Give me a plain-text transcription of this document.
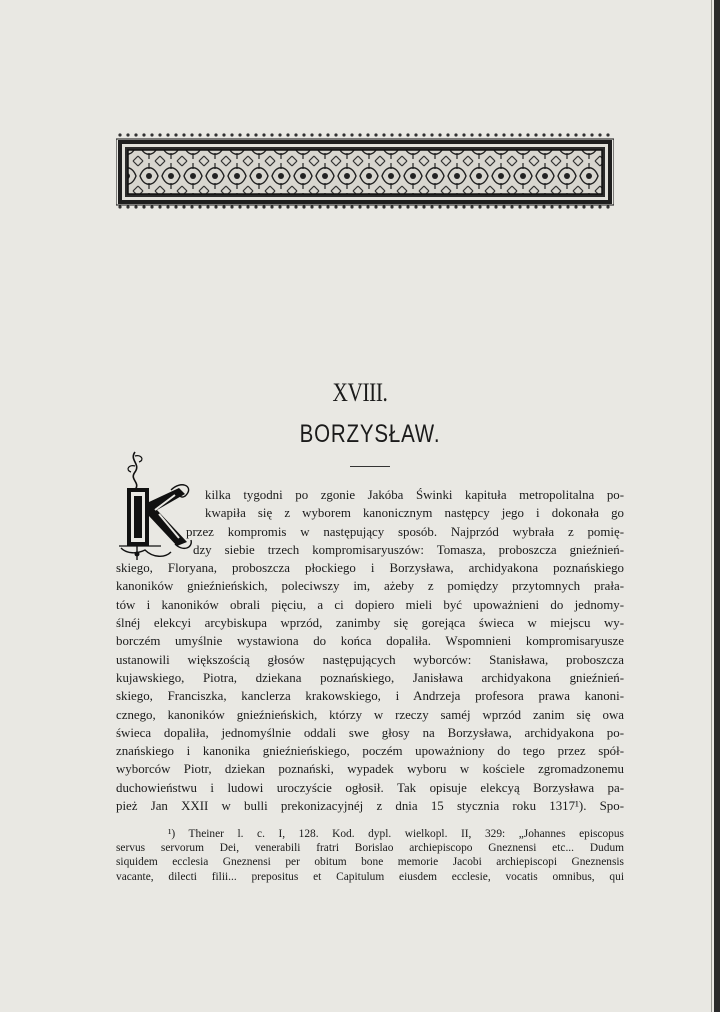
XVIII.
BORZYSŁAW.
kilka tygodni po zgonie Jakóba Świnki kapituła metropolitalna po-
kwapiła się z wyborem kanonicznym następcy jego i dokonała go
przez kompromis w następujący sposób. Najprzód wybrała z pomię-
dzy siebie trzech kompromisaryuszów: Tomasza, proboszcza gnieźnień-
skiego, Floryana, proboszcza płockiego i Borzysława, archidyakona poznańskiego
kanoników gnieźnieńskich, poleciwszy im, ażeby z pomiędzy przytomnych prała-
tów i kanoników obrali pięciu, a ci dopiero mieli być upoważnieni do jednomy-
ślnéj elekcyi arcybiskupa wprzód, zanimby się gorejąca świeca w miejscu wy-
borczém umyślnie wystawiona do końca dopaliła. Wspomnieni kompromisaryusze
ustanowili większością głosów następujących wyborców: Stanisława, proboszcza
kujawskiego, Piotra, dziekana poznańskiego, Janisława archidyakona gnieźnień-
skiego, Franciszka, kanclerza krakowskiego, i Andrzeja profesora prawa kanoni-
cznego, kanoników gnieźnieńskich, którzy w rzeczy saméj wprzód zanim się owa
świeca dopaliła, jednomyślnie oddali swe głosy na Borzysława, archidyakona po-
znańskiego i kanonika gnieźnieńskiego, poczém upoważniony do tego przez spół-
wyborców Piotr, dziekan poznański, wypadek wyboru w kościele zgromadzonemu
duchowieństwu i ludowi uroczyście ogłosił. Tak opisuje elekcyą Borzysława pa-
pież Jan XXII w bulli prekonizacyjnéj z dnia 15 stycznia roku 1317¹). Spo-
¹) Theiner l. c. I, 128. Kod. dypl. wielkopl. II, 329: „Johannes episcopus
servus servorum Dei, venerabili fratri Borislao archiepiscopo Gneznensi etc... Dudum
siquidem ecclesia Gneznensi per obitum bone memorie Jacobi archiepiscopi Gneznensis
vacante, dilecti filii... prepositus et Capitulum eiusdem ecclesie, vocatis omnibus, qui
